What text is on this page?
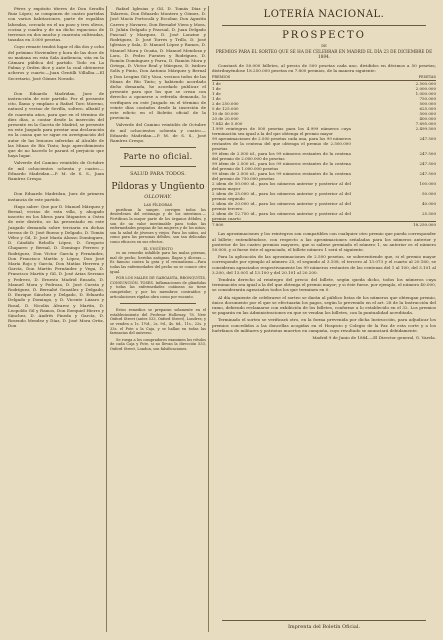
Pérez y expósito títeres de Don Serafín Ruiz López; se componen de cuatro partidas con varios habitaciones, parte de espaldas labradas, cercado en el un pozo y tres olivos, cocina y cuadra y de un dicho espacioso de terrenos en dos mucho y cuarenta cultivadas, tasadas en 3.000 pesetas.

Cuyo remate tendrá lugar el día dos y ocho del próximo Noviembre y hora de las doce de su mañana en esta Sala Audiencia, sita en la Cámara pública del partido. Todo en La Palma y Orden dice y ante la cual obtenerse acheros y cuarto.—Juan Gentilli Villalba.—El Secretario, José Gómez Novado.

Don Eduardo Madridan, Juez de instrucción de este partido. Por el presente cito, llamo y emplazo a Rafael Toro Moreno, natural y vecino de Sevilla, soltero, albañil y de cuarenta años, para que en el término de diez días, a contar desde la inserción del presente en la Gaceta de Madrid, se presente en este Juzgado para prestar una declaración en la causa que se sigue en averiguación del autor de las lesiones inferidas al Alcalde de las Minas de Río Tinto; bajo apercibimiento que de no hacerlo le parará el perjuicio que haya lugar.

Valverde del Camino veintidós de Octubre de mil ochocientos ochenta y cuatro.—Eduardo Madridan.—P. M. de S. S., Juan Ramírez Crespo.

Don Eduardo Madridan, Juez de primera instancia de este partido.

Hago saber: Que por D. Manuel Márquez y Bernal, vecino de esta villa, y abogado inscrito en los libros para litigantes a Ostra de este distrito, se ha presentado en este Juzgado demanda sobre terciaria en dichas tierras de D. José Bueno y Delgado, D. Tomás Vélez y Gil, D. José María Alonso Domínguez, D. Cándido Rebollo López, D. Gregorio Chaparro y Bernal, D. Domingo Ferrero y Rodríguez, Don Víctor García y Fernández, Don Francisco Martín y López, Don José María Rojo y García, Don Matías Herrera y García, Don Martín Fernández y Vega, D. Francisco Martín y Gil, D. José Arias Serrano y Pedrero, D. Ernesto Madrid Ensado, D. Manuel Mora y Pedroza, D. José Cuesta y Rodríguez, D. Bernabé González y Delgado, D. Enrique Sánchez y Delgado, D. Eduardo Delgado y Domingo, y D. Vicente Lázaro y Rosal, D. Nicolás Álvarez y Martín, D. Leopoldo Gil y Ramos, Don Ezequiel Hierro y Sánchez, D. Andrés Pineda y García, D. Rosendo Mendez y Díaz, D. José Mora Ortiz, Don

Rafael Iglesias y Gil, D. Tomás Díaz y Talavera, Don Eduardo Montero y Gómez, D. José Macía Portocalà y Escobar, Don Agustín Carero y Navarro, Don Bernabé Viera y Mora, D. Julián Delgado y Pascual, D. Juan Delgado Pascual y Marquez, D. José Lonzine y Rodríguez, D. José Torres y Trillo, D. José Iglesias y Sala, D. Manuel López y Ramos, D. Manuel Mora y Ocaña, D. Manuel Mendoza y Lora, D. Pedro Fuentes y Rodríguez, D. Romón Domínguez y Parra, D. Ramón Mora y Ortega, D. Víctor Real y Márquez, D. Isidoro Solís y Pinto, Don Antonio Márquez y Bernal y Don Lesgins Gil y Vaca, vecinos todos de las Minas de Río Tinto; y habiendo acordado dicho demanda, he acordado publicar el presente para que los que se crean con derecho a oponerse a referida demanda, lo verifiquen en este Juzgado en el término de veinte días contados desde la inserción de este edicto en el Boletín oficial de la provincia.

Valverde del Camino veintidós de Octubre de mil ochocientos ochenta y cuatro.—Eduardo Madridan.—P. M. de S. S., José Ramírez Crespo.

Parte no oficial.
SALUD PARA TODOS.
Píldoras y Ungüento
OLLOWAY.
LAS PÍLDORAS

purifican la sangre, corrigen todos los desórdenes del estómago y de los intestinos.—Fortifican la mayor parte de los órganos débiles, y son de un valor inestimable para todas las enfermedades propias de las mujeres y de los niños; son la salud de jóvenes y viejos. Para los niños, así como para las personas débiles, son tan delicadas como eficaces en sus efectos.

EL UNGÜENTO

es un remedio infalible para las malas piernas, mal de pecho, heridas antiguas, llagas y úlceras.—Es famoso contra la gota y el reumatismo.—Para todas las enfermedades del pecho no se conoce otro igual.

POR LOS MALES DE GARGANTA, BRONQUITIS, CONSUNCIÓN, TOSES. Inflamaciones de glándulas y todas las enfermedades cutáneas no tiene competidor; y por los miembros contraídos y articulaciones rígidas obra como por encanto.

Estos remedios se preparan solamente en el establecimiento del Profesor Holloway, 78, New Oxford Street (antes 533, Oxford Street), Londres; y se venden a 1s. 1½d., 2s. 9d., 4s. 6d., 11s., 22s. y 33s. el Pote o la Caja, y se hallan en todas las farmacias del universo.

Se ruega a los compradores examinen los rótulos de cada Caja y Pote, si no llevan la dirección 533, Oxford Street, London, son falsificaciones.

LOTERÍA NACIONAL.
PROSPECTO
DE
PREMIOS PARA EL SORTEO QUE SE HA DE CELEBRAR EN MADRID EL DÍA 23 DE DICIEMBRE DE 1884.

Constará de 50.000 billetes, al precio de 500 pesetas cada uno, divididos en décimos a 50 pesetas; distribuyéndose 18.250.000 pesetas en 7.800 premios, de la manera siguiente:

PREMIOS	PESETAS
1 de	2.500.000
1 de	2.000.000
1 de	1.000.000
1 de	750.000
2 de 250.000	500.000
5 de 125.000	625.000
10 de 50.000	500.000
20 de 20.000	400.000
7.842 de 5.000	7.895.000
1.999 reintegros de 500 pesetas para los 4.999 números cuya terminación sea igual a la del que obtenga el premio mayor	2.499.500
99 aproximaciones de 2.500 pesetas cada una, para los 99 números restantes de la centena del que obtenga el premio de 2.500.000 pesetas	247.500
99 idem de 2.500 id., para los 99 números restantes de la centena del premio de 2.000.000 de pesetas	247.500
99 idem de 2.500 id., para los 99 números restantes de la centena del premio de 1.000.000 pesetas	247.500
99 idem de 2.500 id., para los 99 números restantes de la centena del premio de 750.000 pesetas	247.500
2 idem de 50.000 id., para los números anterior y posterior al del premio mayor	100.000
2 idem de 25.000 id., para los números anterior y posterior al del premio segundo	50.000
2 idem de 20.000 id., para los números anterior y posterior al del premio tercero	40.000
2 idem de 12.750 id., para los números anterior y posterior al del premio cuarto	25.500
7.800	18.250.000

Las aproximaciones y los reintegros son compatibles con cualquier otro premio que pueda corresponder al billete; entendiéndose, con respecto a las aproximaciones señaladas para los números anterior y posterior de los cuatro premios mayores, que si saliese premiado el número 1, su anterior es el número 50.000, y si fuese éste el agraciado, el billete número 1 será el siguiente.

Para la aplicación de las aproximaciones de 2.500 pesetas, se sobreentiende que, si el premio mayor corresponde por ejemplo al número 25, el segundo al 3.108, el tercero al 13.073 y el cuarto al 20.160, se consideran agraciados respectivamente los 99 números restantes de las centenas del 1 al 100, del 3.101 al 3.200, del 13.001 al 13.100 y del 20.101 al 20.200.

Tendrán derecho al reintegro del precio del billete, según queda dicho, todos los números cuya terminación sea igual a la del que obtenga el premio mayor; y si éste fuese, por ejemplo, el número 40.000, se considerarán agraciados todos los que terminen en 0.

Al día siguiente de celebrarse el sorteo se darán al público listas de los números que obtengan premio, único documento por el que se efectuarán los pagos, según lo prevenido en el art. 28 de la Instrucción del ramo, debiendo reclamarse con exhibición de los billetes, conforme a lo establecido en el 32. Los premios se pagarán en las Administraciones en que se vendan los billetes, con la puntualidad acreditada.

Terminado el sorteo se verificará otro, en la forma prevenida por dicha Instrucción, para adjudicar los premios concedidos a las doncellas acogidas en el Hospicio y Colegio de la Paz de esta corte y a los huérfanos de militares y patriotas muertos en campaña, cuyo resultado se anunciará debidamente.

Madrid 9 de Junio de 1884.—El Director general, G. Varela.

Imprenta del Boletín Oficial.
